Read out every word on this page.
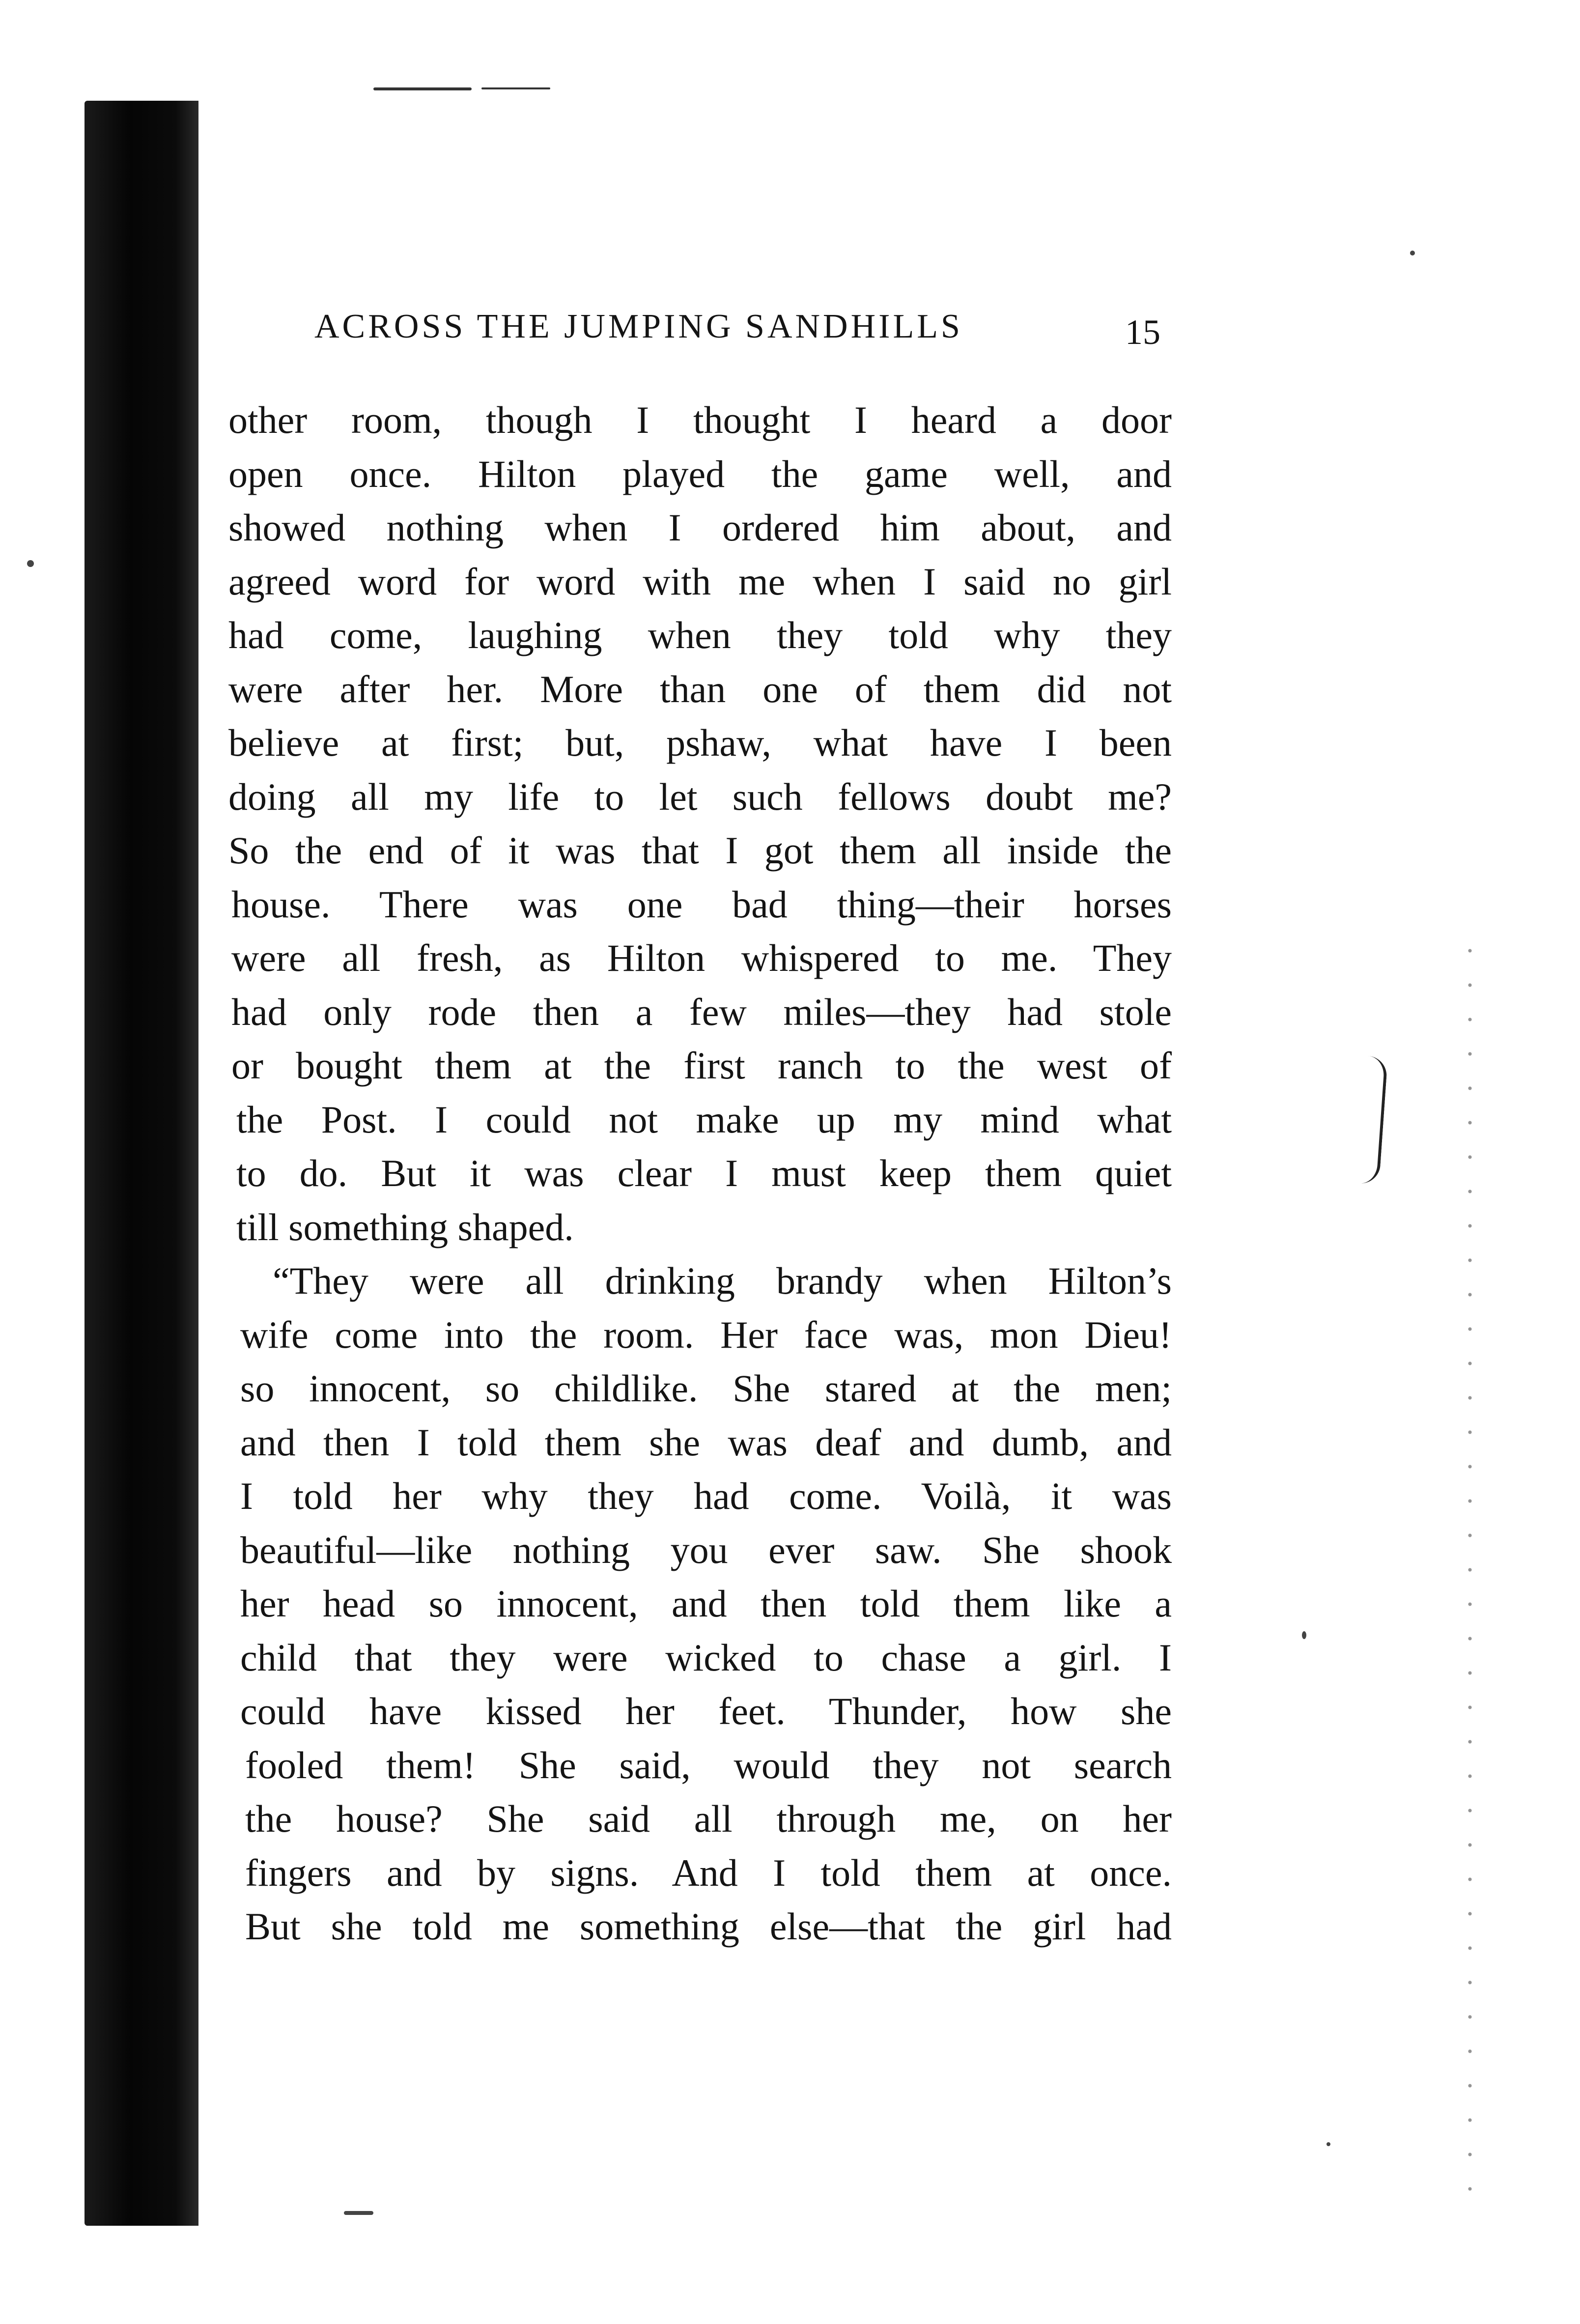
ACROSS THE JUMPING SANDHILLS	15
other room, though I thought I heard a door
open once. Hilton played the game well, and
showed nothing when I ordered him about, and
agreed word for word with me when I said no girl
had come, laughing when they told why they
were after her. More than one of them did not
believe at first; but, pshaw, what have I been
doing all my life to let such fellows doubt me?
So the end of it was that I got them all inside the
house. There was one bad thing—their horses
were all fresh, as Hilton whispered to me. They
had only rode then a few miles—they had stole
or bought them at the first ranch to the west of
the Post. I could not make up my mind what
to do. But it was clear I must keep them quiet
till something shaped.
“They were all drinking brandy when Hilton’s
wife come into the room. Her face was, mon Dieu!
so innocent, so childlike. She stared at the men;
and then I told them she was deaf and dumb, and
I told her why they had come. Voilà, it was
beautiful—like nothing you ever saw. She shook
her head so innocent, and then told them like a
child that they were wicked to chase a girl. I
could have kissed her feet. Thunder, how she
fooled them! She said, would they not search
the house? She said all through me, on her
fingers and by signs. And I told them at once.
But she told me something else—that the girl had
